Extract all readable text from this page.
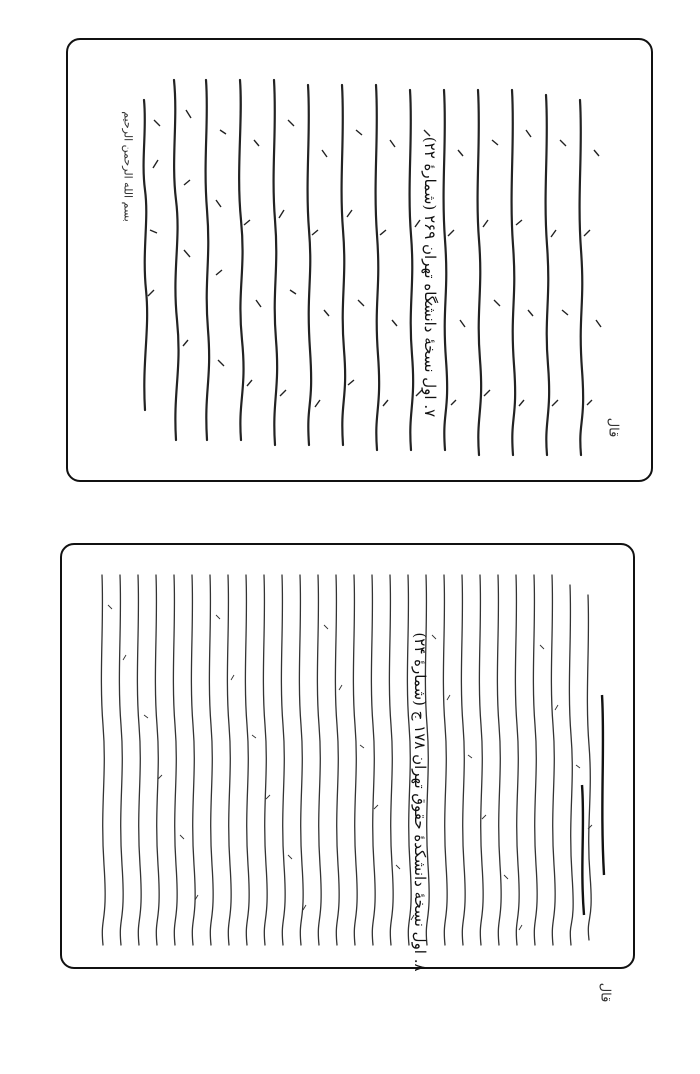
بسم الله الرحمن الرحیم
قال
۷. اول نسخهٔ دانشگاه تهران ۲۶۹ (شمارهٔ ۲۲)
قال
۸. اول نسخهٔ دانشکدهٔ حقوق تهران ۱۷۸ ج (شمارهٔ ۲۴)
